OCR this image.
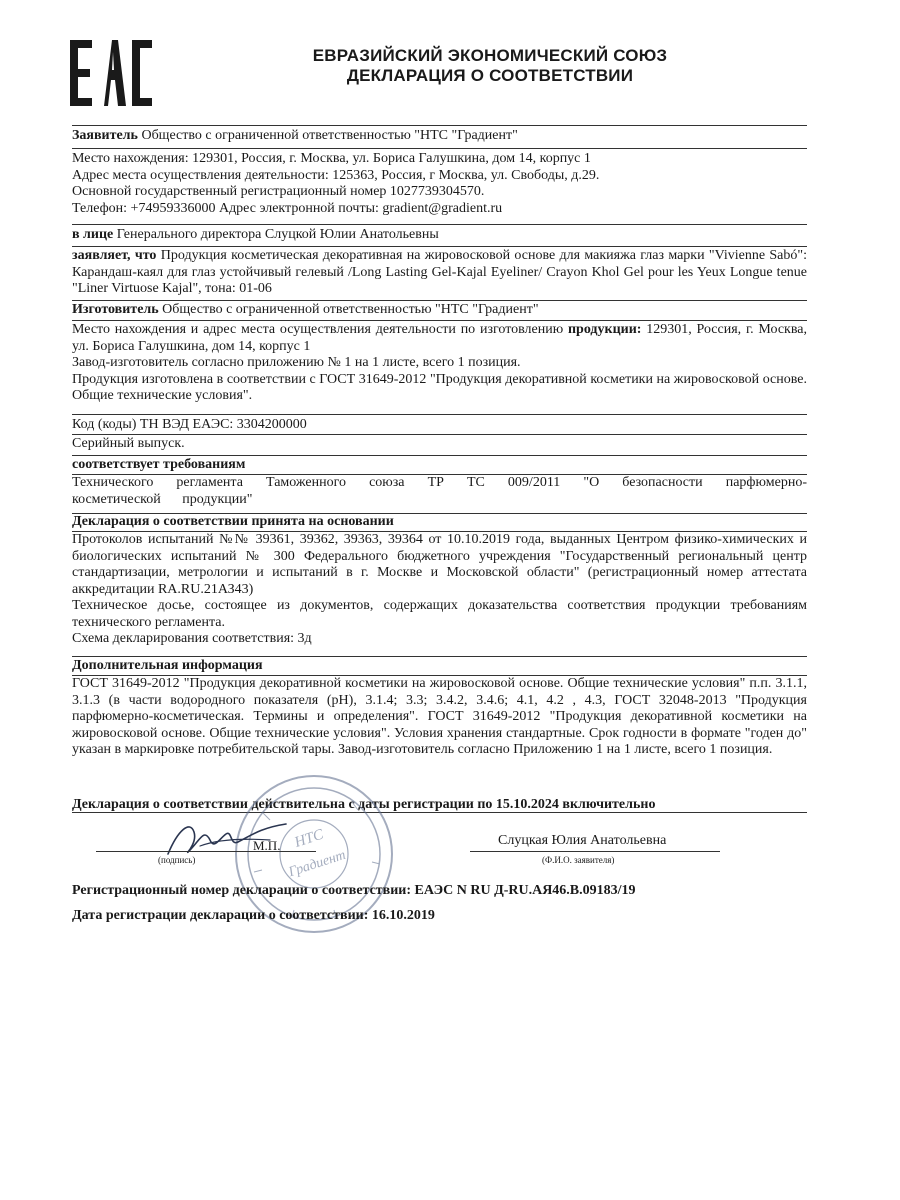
ЕВРАЗИЙСКИЙ ЭКОНОМИЧЕСКИЙ СОЮЗ
ДЕКЛАРАЦИЯ О СООТВЕТСТВИИ

Заявитель Общество с ограниченной ответственностью "НТС "Градиент"

Место нахождения: 129301, Россия, г. Москва, ул. Бориса Галушкина, дом 14, корпус 1

Адрес места осуществления деятельности: 125363, Россия, г Москва, ул. Свободы, д.29.

Основной государственный регистрационный номер 1027739304570.

Телефон: +74959336000 Адрес электронной почты: gradient@gradient.ru

в лице Генерального директора Слуцкой Юлии Анатольевны

заявляет, что Продукция косметическая декоративная на жировосковой основе для макияжа глаз марки "Vivienne Sabó": Карандаш-каял для глаз устойчивый гелевый /Long Lasting Gel-Kajal Eyeliner/ Crayon Khol Gel pour les Yeux Longue tenue "Liner Virtuose Kajal", тона: 01-06

Изготовитель Общество с ограниченной ответственностью "НТС "Градиент"

Место нахождения и адрес места осуществления деятельности по изготовлению продукции: 129301, Россия, г. Москва, ул. Бориса Галушкина, дом 14, корпус 1

Завод-изготовитель согласно приложению № 1 на 1 листе, всего 1 позиция.

Продукция изготовлена в соответствии с ГОСТ 31649-2012 "Продукция декоративной косметики на жировосковой основе. Общие технические условия".

Код (коды) ТН ВЭД ЕАЭС: 3304200000

Серийный выпуск.

соответствует требованиям

Технического регламента Таможенного союза ТР ТС 009/2011 "О безопасности парфюмерно-косметической продукции"

Декларация о соответствии принята на основании

Протоколов испытаний №№ 39361, 39362, 39363, 39364 от 10.10.2019 года, выданных Центром физико-химических и биологических испытаний № 300 Федерального бюджетного учреждения "Государственный региональный центр стандартизации, метрологии и испытаний в г. Москве и Московской области" (регистрационный номер аттестата аккредитации RA.RU.21АЗ43)

Техническое досье, состоящее из документов, содержащих доказательства соответствия продукции требованиям технического регламента.

Схема декларирования соответствия: 3д

Дополнительная информация

ГОСТ 31649-2012 "Продукция декоративной косметики на жировосковой основе. Общие технические условия" п.п. 3.1.1, 3.1.3 (в части водородного показателя (pH), 3.1.4; 3.3; 3.4.2, 3.4.6; 4.1, 4.2 , 4.3, ГОСТ 32048-2013 "Продукция парфюмерно-косметическая. Термины и определения". ГОСТ 31649-2012 "Продукция декоративной косметики на жировосковой основе. Общие технические условия". Условия хранения стандартные. Срок годности в формате "годен до" указан в маркировке потребительской тары. Завод-изготовитель согласно Приложению 1 на 1 листе, всего 1 позиция.

Декларация о соответствии действительна с даты регистрации по 15.10.2024 включительно
НТС
Градиент
М.П.	Слуцкая Юлия Анатольевна
(подпись)	(Ф.И.О. заявителя)
Регистрационный номер декларации о соответствии: ЕАЭС N RU Д-RU.АЯ46.В.09183/19
Дата регистрации декларации о соответствии: 16.10.2019
